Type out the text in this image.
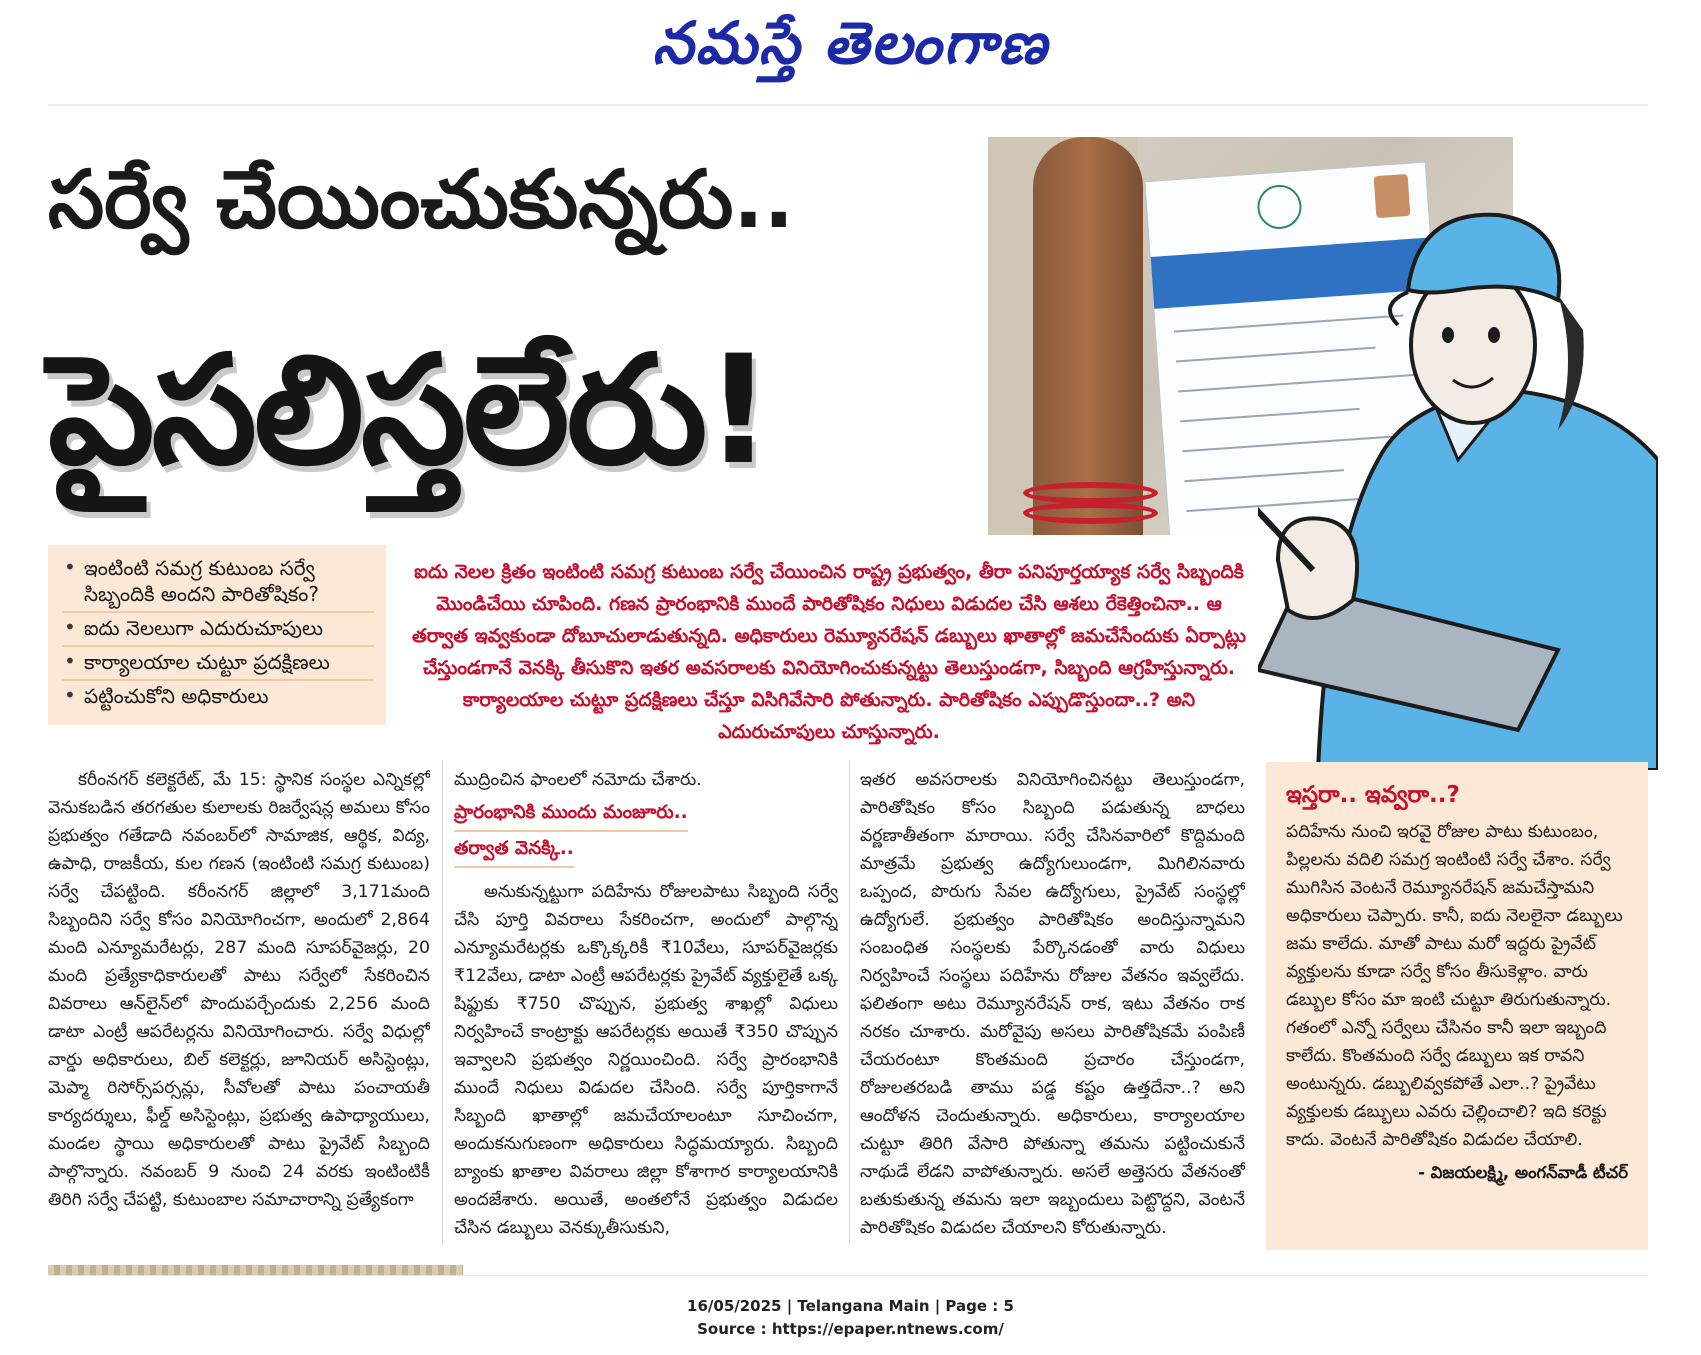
నమస్తే తెలంగాణ
సర్వే చేయించుకున్నరు..
పైసలిస్తలేరు!
• ఇంటింటి సమగ్ర కుటుంబ సర్వే సిబ్బందికి అందని పారితోషికం?
• ఐదు నెలలుగా ఎదురుచూపులు
• కార్యాలయాల చుట్టూ ప్రదక్షిణలు
• పట్టించుకోని అధికారులు
ఐదు నెలల క్రితం ఇంటింటి సమగ్ర కుటుంబ సర్వే చేయించిన రాష్ట్ర ప్రభుత్వం, తీరా పనిపూర్తయ్యాక సర్వే సిబ్బందికి మొండిచేయి చూపింది. గణన ప్రారంభానికి ముందే పారితోషికం నిధులు విడుదల చేసి ఆశలు రేకెత్తించినా.. ఆ తర్వాత ఇవ్వకుండా దోబూచులాడుతున్నది. అధికారులు రెమ్యూనరేషన్ డబ్బులు ఖాతాల్లో జమచేసేందుకు ఏర్పాట్లు చేస్తుండగానే వెనక్కి తీసుకొని ఇతర అవసరాలకు వినియోగించుకున్నట్టు తెలుస్తుండగా, సిబ్బంది ఆగ్రహిస్తున్నారు. కార్యాలయాల చుట్టూ ప్రదక్షిణలు చేస్తూ విసిగివేసారి పోతున్నారు. పారితోషికం ఎప్పుడొస్తుందా..? అని ఎదురుచూపులు చూస్తున్నారు.

కరీంనగర్ కలెక్టరేట్, మే 15: స్థానిక సంస్థల ఎన్నికల్లో వెనుకబడిన తరగతుల కులాలకు రిజర్వేషన్ల అమలు కోసం ప్రభుత్వం గతేడాది నవంబర్‌లో సామాజిక, ఆర్థిక, విద్య, ఉపాధి, రాజకీయ, కుల గణన (ఇంటింటి సమగ్ర కుటుంబ) సర్వే చేపట్టింది. కరీంనగర్ జిల్లాలో 3,171మంది సిబ్బందిని సర్వే కోసం వినియోగించగా, అందులో 2,864 మంది ఎన్యూమరేటర్లు, 287 మంది సూపర్‌వైజర్లు, 20 మంది ప్రత్యేకాధికారులతో పాటు సర్వేలో సేకరించిన వివరాలు ఆన్‌లైన్‌లో పొందుపర్చేందుకు 2,256 మంది డాటా ఎంట్రీ ఆపరేటర్లను వినియోగించారు. సర్వే విధుల్లో వార్డు అధికారులు, బిల్ కలెక్టర్లు, జూనియర్ అసిస్టెంట్లు, మెప్మా రిసోర్స్‌పర్సన్లు, సీవోలతో పాటు పంచాయతీ కార్యదర్శులు, ఫీల్డ్ అసిస్టెంట్లు, ప్రభుత్వ ఉపాధ్యాయులు, మండల స్థాయి అధికారులతో పాటు ప్రైవేట్ సిబ్బంది పాల్గొన్నారు. నవంబర్ 9 నుంచి 24 వరకు ఇంటింటికీ తిరిగి సర్వే చేపట్టి, కుటుంబాల సమాచారాన్ని ప్రత్యేకంగా

ముద్రించిన ఫాంలలో నమోదు చేశారు.

ప్రారంభానికి ముందు మంజూరు..
తర్వాత వెనక్కి..

అనుకున్నట్టుగా పదిహేను రోజులపాటు సిబ్బంది సర్వే చేసి పూర్తి వివరాలు సేకరించగా, అందులో పాల్గొన్న ఎన్యూమరేటర్లకు ఒక్కొక్కరికీ ₹10వేలు, సూపర్‌వైజర్లకు ₹12వేలు, డాటా ఎంట్రీ ఆపరేటర్లకు ప్రైవేట్ వ్యక్తులైతే ఒక్క షిఫ్టుకు ₹750 చొప్పున, ప్రభుత్వ శాఖల్లో విధులు నిర్వహించే కాంట్రాక్టు ఆపరేటర్లకు అయితే ₹350 చొప్పున ఇవ్వాలని ప్రభుత్వం నిర్ణయించింది. సర్వే ప్రారంభానికి ముందే నిధులు విడుదల చేసింది. సర్వే పూర్తికాగానే సిబ్బంది ఖాతాల్లో జమచేయాలంటూ సూచించగా, అందుకనుగుణంగా అధికారులు సిద్ధమయ్యారు. సిబ్బంది బ్యాంకు ఖాతాల వివరాలు జిల్లా కోశాగార కార్యాలయానికి అందజేశారు. అయితే, అంతలోనే ప్రభుత్వం విడుదల చేసిన డబ్బులు వెనక్కుతీసుకుని,

ఇతర అవసరాలకు వినియోగించినట్టు తెలుస్తుండగా, పారితోషికం కోసం సిబ్బంది పడుతున్న బాధలు వర్ణణాతీతంగా మారాయి. సర్వే చేసినవారిలో కొద్దిమంది మాత్రమే ప్రభుత్వ ఉద్యోగులుండగా, మిగిలినవారు ఒప్పంద, పొరుగు సేవల ఉద్యోగులు, ప్రైవేట్ సంస్థల్లో ఉద్యోగులే. ప్రభుత్వం పారితోషికం అందిస్తున్నామని సంబంధిత సంస్థలకు పేర్కొనడంతో వారు విధులు నిర్వహించే సంస్థలు పదిహేను రోజుల వేతనం ఇవ్వలేదు. ఫలితంగా అటు రెమ్యూనరేషన్ రాక, ఇటు వేతనం రాక నరకం చూశారు. మరోవైపు అసలు పారితోషికమే పంపిణీ చేయరంటూ కొంతమంది ప్రచారం చేస్తుండగా, రోజులతరబడి తాము పడ్డ కష్టం ఉత్తదేనా..? అని ఆందోళన చెందుతున్నారు. అధికారులు, కార్యాలయాల చుట్టూ తిరిగి వేసారి పోతున్నా తమను పట్టించుకునే నాథుడే లేడని వాపోతున్నారు. అసలే అత్తెసరు వేతనంతో బతుకుతున్న తమను ఇలా ఇబ్బందులు పెట్టొద్దని, వెంటనే పారితోషికం విడుదల చేయాలని కోరుతున్నారు.

ఇస్తరా.. ఇవ్వరా..?
పదిహేను నుంచి ఇరవై రోజుల పాటు కుటుంబం, పిల్లలను వదిలి సమగ్ర ఇంటింటి సర్వే చేశాం. సర్వే ముగిసిన వెంటనే రెమ్యూనరేషన్ జమచేస్తామని అధికారులు చెప్పారు. కానీ, ఐదు నెలలైనా డబ్బులు జమ కాలేదు. మాతో పాటు మరో ఇద్దరు ప్రైవేట్ వ్యక్తులను కూడా సర్వే కోసం తీసుకెళ్లాం. వారు డబ్బుల కోసం మా ఇంటి చుట్టూ తిరుగుతున్నారు. గతంలో ఎన్నో సర్వేలు చేసినం కానీ ఇలా ఇబ్బంది కాలేదు. కొంతమంది సర్వే డబ్బులు ఇక రావని అంటున్నరు. డబ్బులివ్వకపోతే ఎలా..? ప్రైవేటు వ్యక్తులకు డబ్బులు ఎవరు చెల్లించాలి? ఇది కరెక్టు కాదు. వెంటనే పారితోషికం విడుదల చేయాలి.
- విజయలక్ష్మి, అంగన్‌వాడీ టీచర్
16/05/2025 | Telangana Main | Page : 5
Source : https://epaper.ntnews.com/
